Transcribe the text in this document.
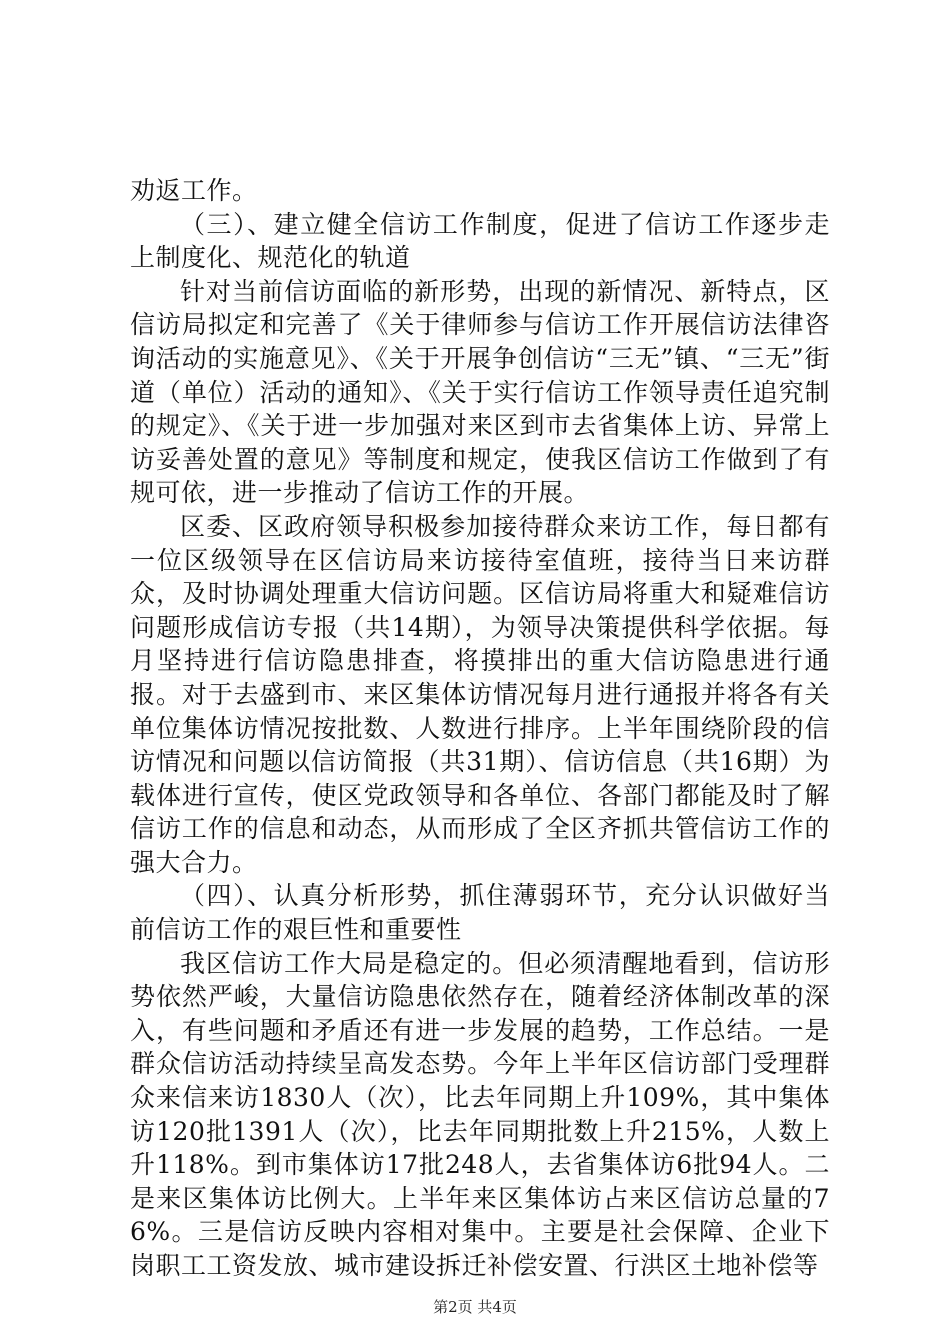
劝返工作。

（三）、建立健全信访工作制度，促进了信访工作逐步走上制度化、规范化的轨道

针对当前信访面临的新形势，出现的新情况、新特点，区信访局拟定和完善了《关于律师参与信访工作开展信访法律咨询活动的实施意见》、《关于开展争创信访“三无”镇、“三无”街道（单位）活动的通知》、《关于实行信访工作领导责任追究制的规定》、《关于进一步加强对来区到市去省集体上访、异常上访妥善处置的意见》等制度和规定，使我区信访工作做到了有规可依，进一步推动了信访工作的开展。

区委、区政府领导积极参加接待群众来访工作，每日都有一位区级领导在区信访局来访接待室值班，接待当日来访群众，及时协调处理重大信访问题。区信访局将重大和疑难信访问题形成信访专报（共14期），为领导决策提供科学依据。每月坚持进行信访隐患排查，将摸排出的重大信访隐患进行通报。对于去盛到市、来区集体访情况每月进行通报并将各有关单位集体访情况按批数、人数进行排序。上半年围绕阶段的信访情况和问题以信访简报（共31期）、信访信息（共16期）为载体进行宣传，使区党政领导和各单位、各部门都能及时了解信访工作的信息和动态，从而形成了全区齐抓共管信访工作的强大合力。

（四）、认真分析形势，抓住薄弱环节，充分认识做好当前信访工作的艰巨性和重要性

我区信访工作大局是稳定的。但必须清醒地看到，信访形势依然严峻，大量信访隐患依然存在，随着经济体制改革的深入，有些问题和矛盾还有进一步发展的趋势，工作总结。一是群众信访活动持续呈高发态势。今年上半年区信访部门受理群众来信来访1830人（次），比去年同期上升109%，其中集体访120批1391人（次），比去年同期批数上升215%，人数上升118%。到市集体访17批248人，去省集体访6批94人。二是来区集体访比例大。上半年来区集体访占来区信访总量的76%。三是信访反映内容相对集中。主要是社会保障、企业下岗职工工资发放、城市建设拆迁补偿安置、行洪区土地补偿等

第2页 共4页
